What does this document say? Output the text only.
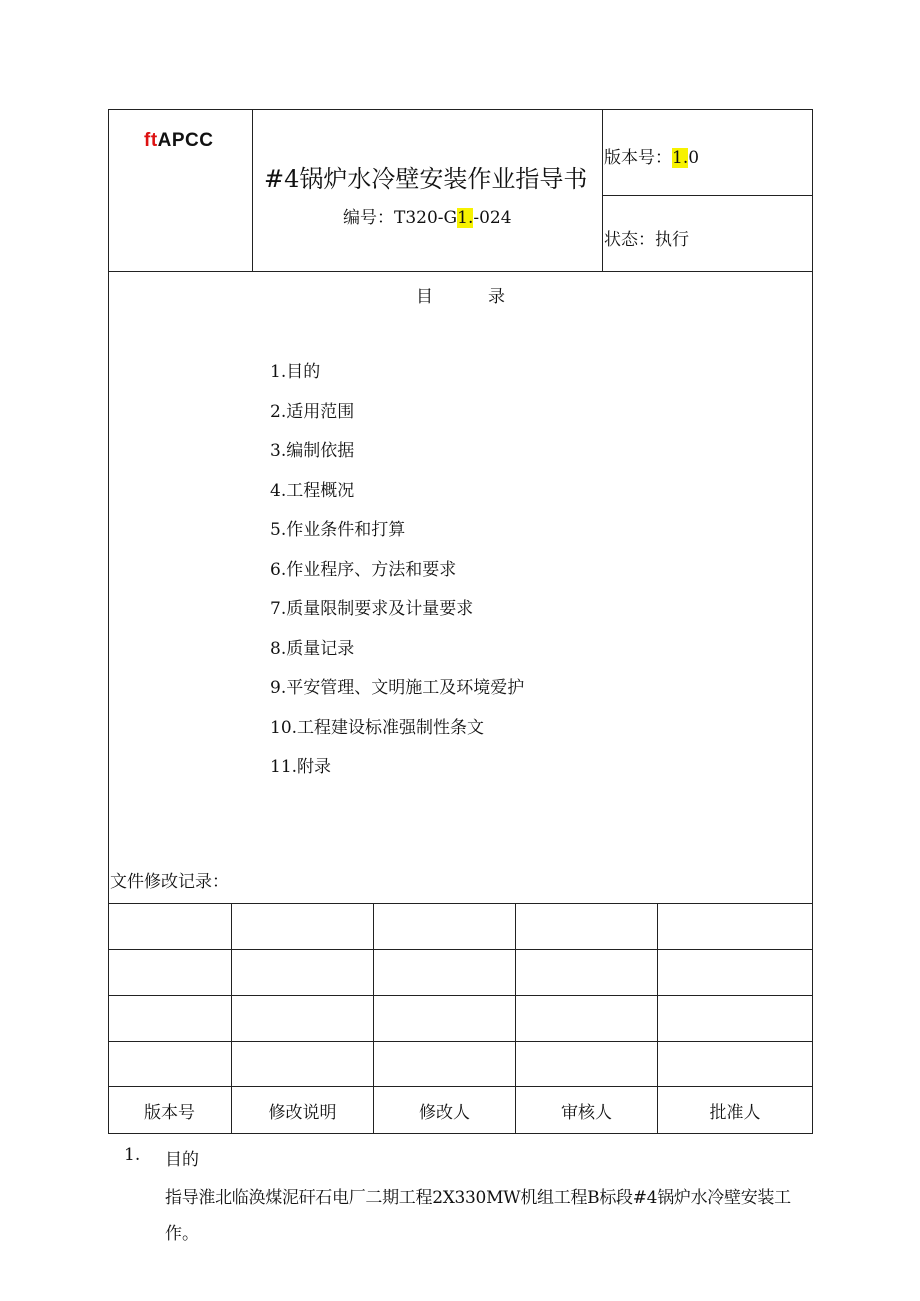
ftAPCC
#4锅炉水冷壁安装作业指导书
编号：T320-G1.-024
版本号：1.0
状态：执行
目	录
1.目的
2.适用范围
3.编制依据
4.工程概况
5.作业条件和打算
6.作业程序、方法和要求
7.质量限制要求及计量要求
8.质量记录
9.平安管理、文明施工及环境爱护
10.工程建设标准强制性条文
11.附录
文件修改记录：
版本号	修改说明	修改人	审核人	批准人
1. 目的
指导淮北临涣煤泥矸石电厂二期工程2X330MW机组工程B标段#4锅炉水冷壁安装工
作。
